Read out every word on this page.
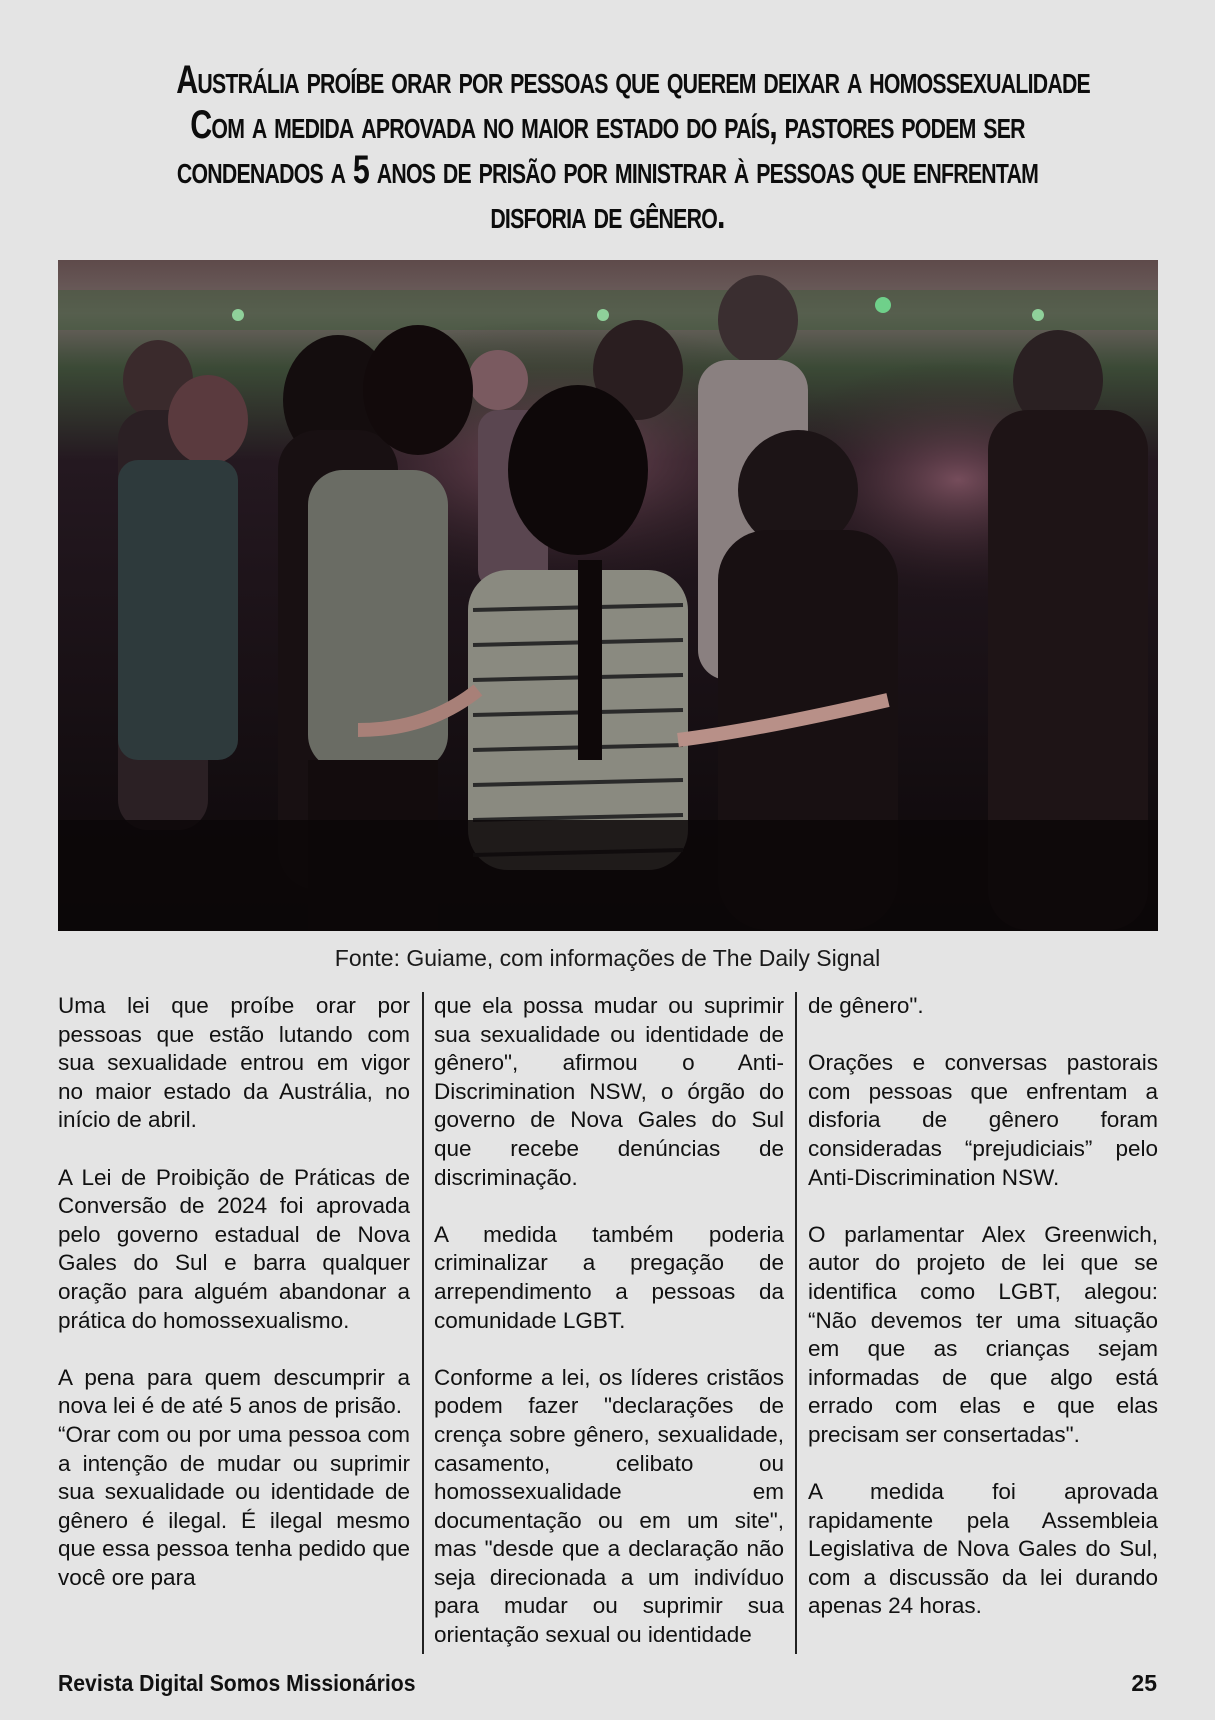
Austrália proíbe orar por pessoas que querem deixar a homossexualidade
Com a medida aprovada no maior estado do país, pastores podem ser
condenados a 5 anos de prisão por ministrar à pessoas que enfrentam
disforia de gênero.
Fonte: Guiame, com informações de The Daily Signal

Uma lei que proíbe orar por pessoas que estão lutando com sua sexualidade entrou em vigor no maior estado da Austrália, no início de abril.

A Lei de Proibição de Práticas de Conversão de 2024 foi aprovada pelo governo estadual de Nova Gales do Sul e barra qualquer oração para alguém abandonar a prática do homossexualismo.

A pena para quem descumprir a nova lei é de até 5 anos de prisão.

“Orar com ou por uma pessoa com a intenção de mudar ou suprimir sua sexualidade ou identidade de gênero é ilegal. É ilegal mesmo que essa pessoa tenha pedido que você ore para

que ela possa mudar ou suprimir sua sexualidade ou identidade de gênero", afirmou o Anti-Discrimination NSW, o órgão do governo de Nova Gales do Sul que recebe denúncias de discriminação.

A medida também poderia criminalizar a pregação de arrependimento a pessoas da comunidade LGBT.

Conforme a lei, os líderes cristãos podem fazer "declarações de crença sobre gênero, sexualidade, casamento, celibato ou homossexualidade em documentação ou em um site", mas "desde que a declaração não seja direcionada a um indivíduo para mudar ou suprimir sua orientação sexual ou identidade

de gênero".

Orações e conversas pastorais com pessoas que enfrentam a disforia de gênero foram consideradas “prejudiciais” pelo Anti-Discrimination NSW.

O parlamentar Alex Greenwich, autor do projeto de lei que se identifica como LGBT, alegou: “Não devemos ter uma situação em que as crianças sejam informadas de que algo está errado com elas e que elas precisam ser consertadas".

A medida foi aprovada rapidamente pela Assembleia Legislativa de Nova Gales do Sul, com a discussão da lei durando apenas 24 horas.

Revista Digital Somos Missionários	25
